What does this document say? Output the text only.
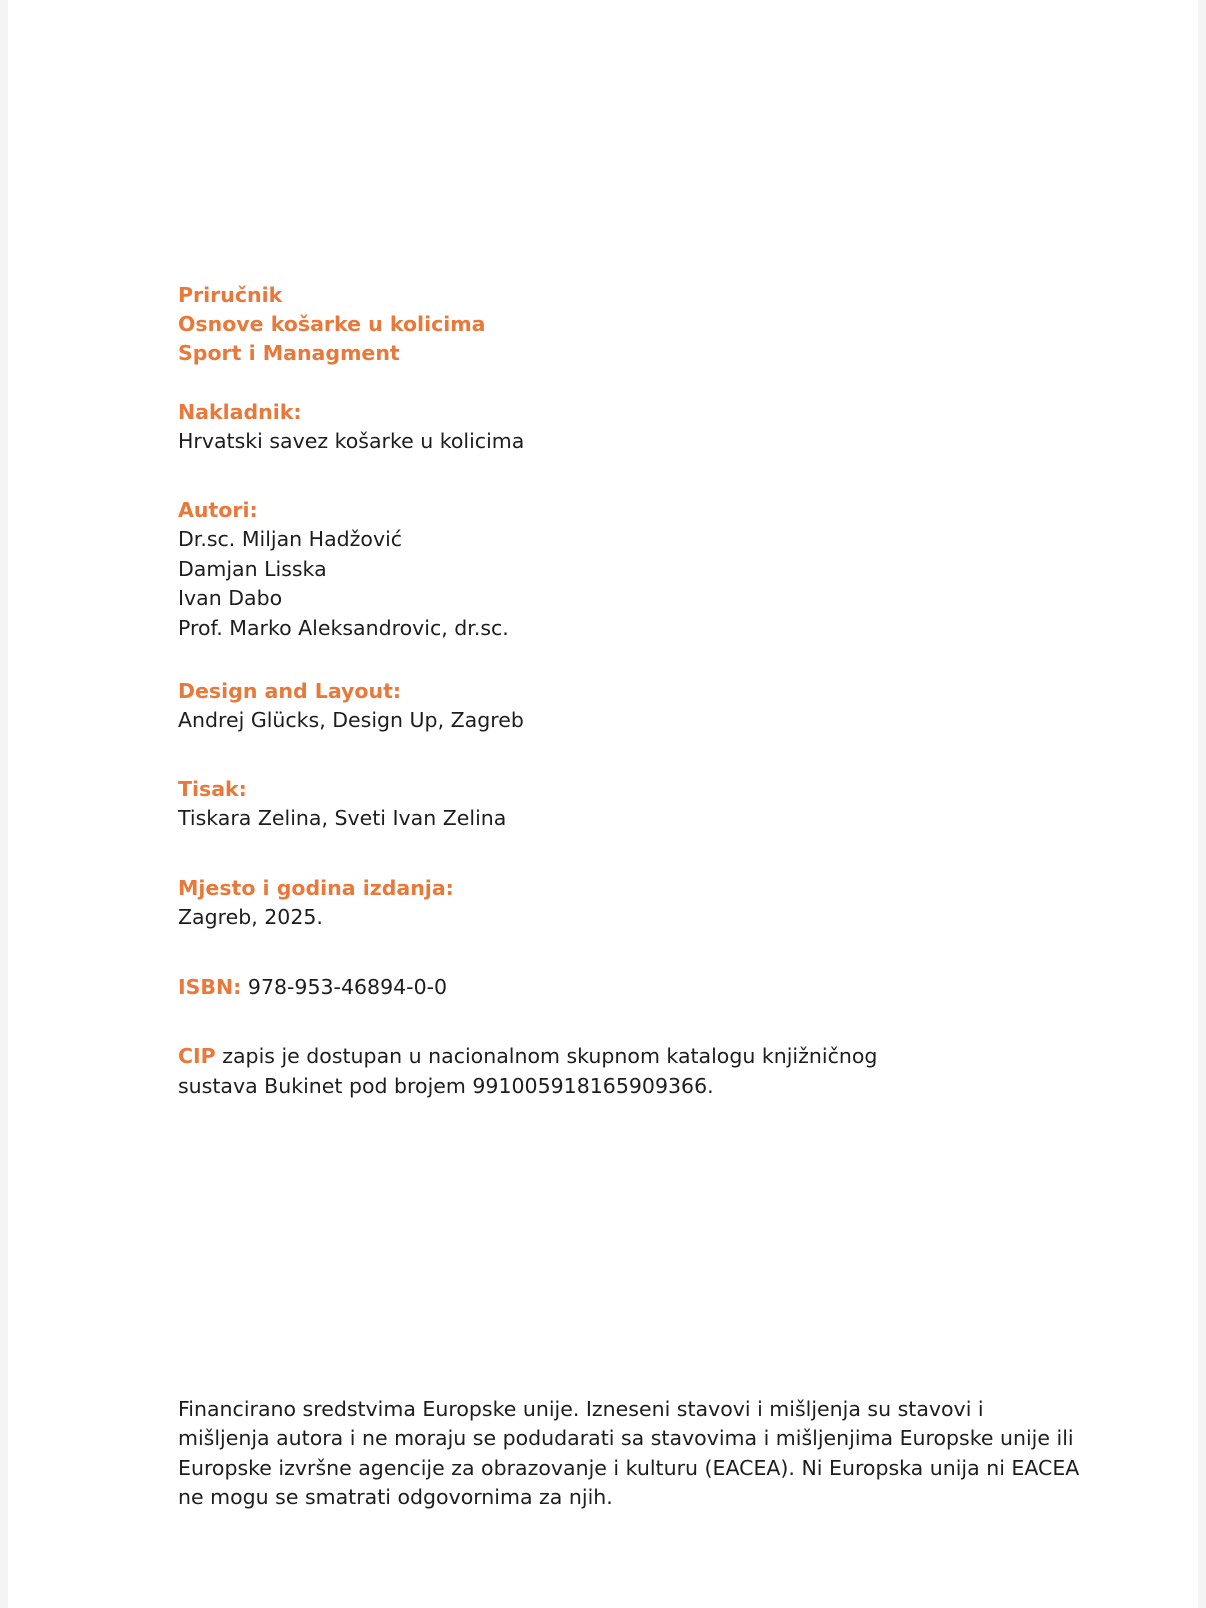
Priručnik
Osnove košarke u kolicima
Sport i Managment
Nakladnik:
Hrvatski savez košarke u kolicima
Autori:
Dr.sc. Miljan Hadžović
Damjan Lisska
Ivan Dabo
Prof. Marko Aleksandrovic, dr.sc.
Design and Layout:
Andrej Glücks, Design Up, Zagreb
Tisak:
Tiskara Zelina, Sveti Ivan Zelina
Mjesto i godina izdanja:
Zagreb, 2025.
ISBN: 978-953-46894-0-0
CIP zapis je dostupan u nacionalnom skupnom katalogu knjižničnog
sustava Bukinet pod brojem 991005918165909366.
Financirano sredstvima Europske unije. Izneseni stavovi i mišljenja su stavovi i
mišljenja autora i ne moraju se podudarati sa stavovima i mišljenjima Europske unije ili
Europske izvršne agencije za obrazovanje i kulturu (EACEA). Ni Europska unija ni EACEA
ne mogu se smatrati odgovornima za njih.
